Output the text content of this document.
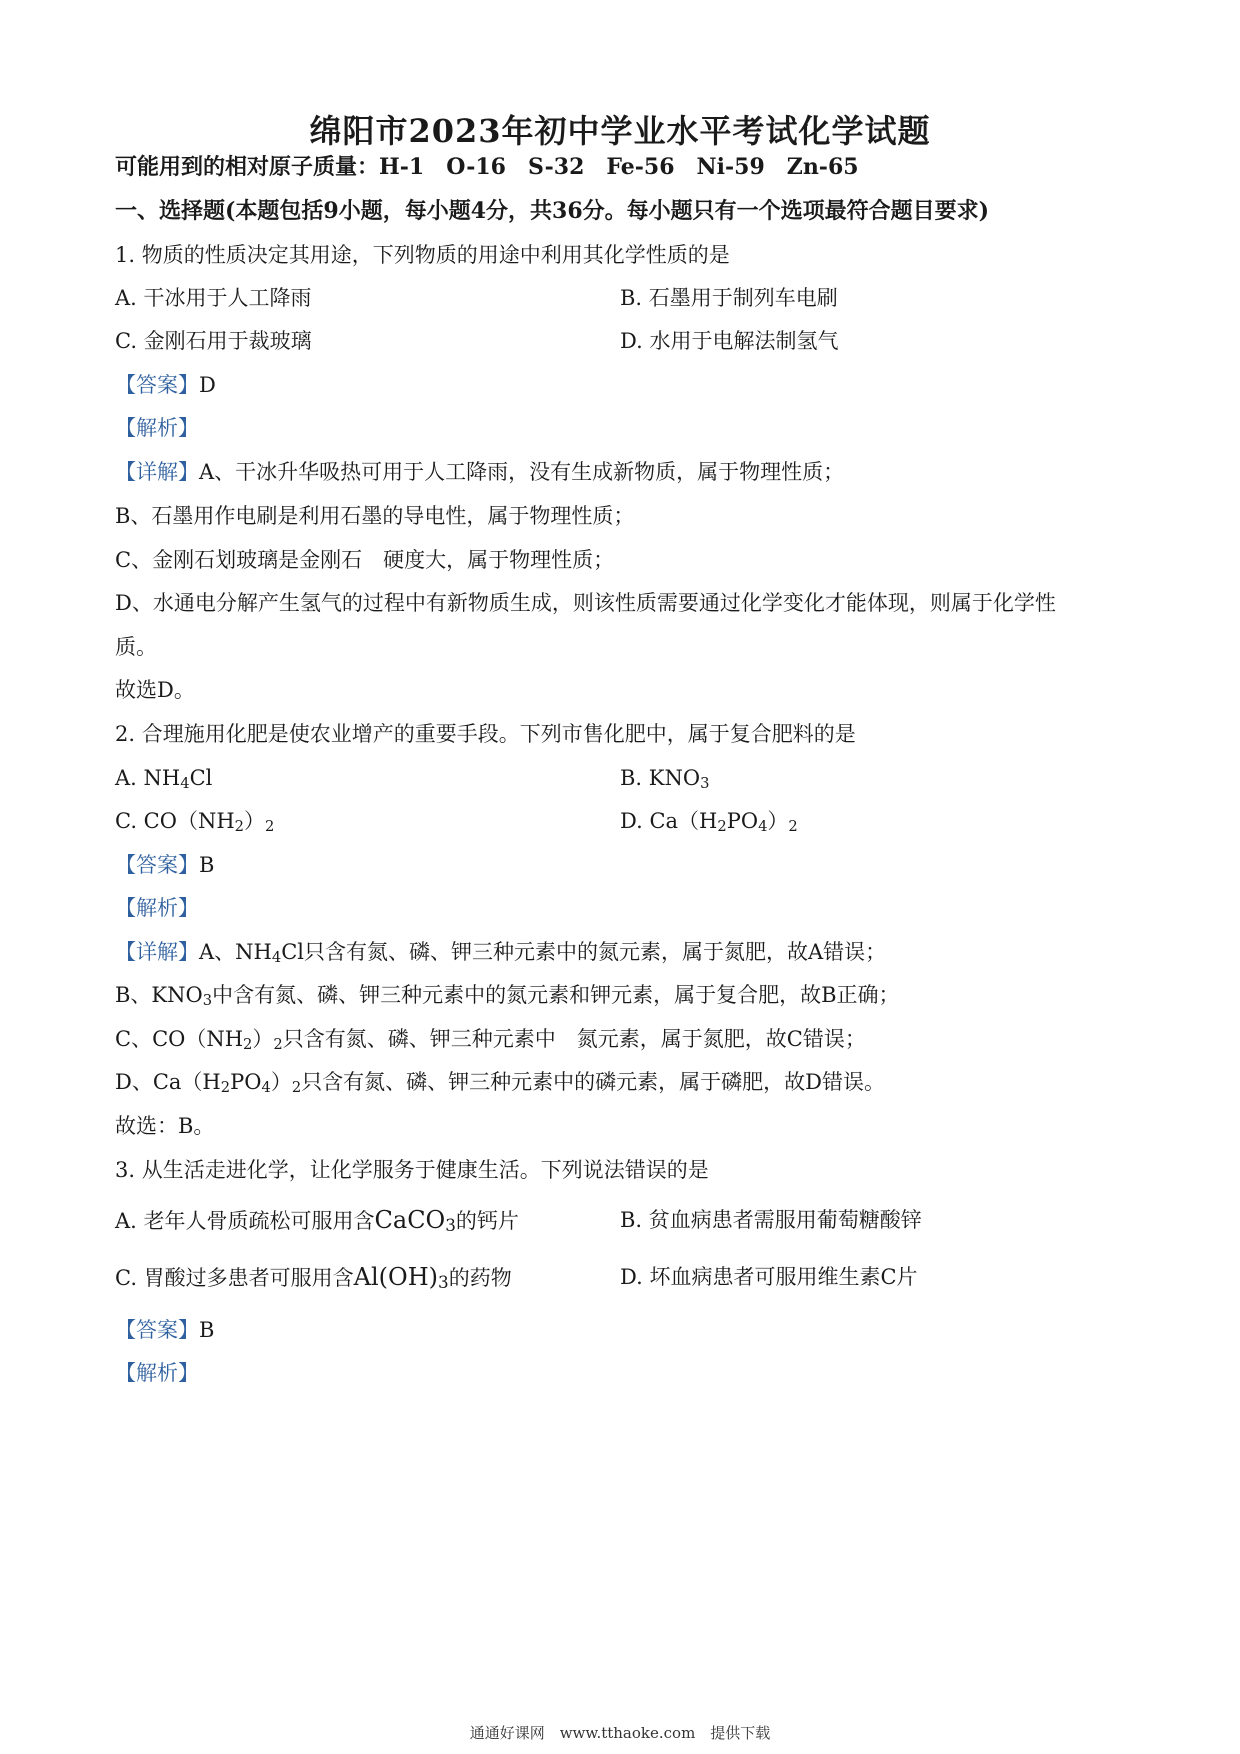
绵阳市2023年初中学业水平考试化学试题
可能用到的相对原子质量：H-1　O-16　S-32　Fe-56　Ni-59　Zn-65
一、选择题(本题包括9小题，每小题4分，共36分。每小题只有一个选项最符合题目要求)
1. 物质的性质决定其用途，下列物质的用途中利用其化学性质的是
A. 干冰用于人工降雨	B. 石墨用于制列车电刷
C. 金刚石用于裁玻璃	D. 水用于电解法制氢气
【答案】D
【解析】
【详解】A、干冰升华吸热可用于人工降雨，没有生成新物质，属于物理性质；
B、石墨用作电刷是利用石墨的导电性，属于物理性质；
C、金刚石划玻璃是金刚石　硬度大，属于物理性质；
D、水通电分解产生氢气的过程中有新物质生成，则该性质需要通过化学变化才能体现，则属于化学性
质。
故选D。
2. 合理施用化肥是使农业增产的重要手段。下列市售化肥中，属于复合肥料的是
A. $NH_4Cl$	B. $KNO_3$
C. $CO(NH_2)_2$	D. $Ca(H_2PO_4)_2$
【答案】B
【解析】
【详解】A、$NH_4Cl$只含有氮、磷、钾三种元素中的氮元素，属于氮肥，故A错误；
B、$KNO_3$中含有氮、磷、钾三种元素中的氮元素和钾元素，属于复合肥，故B正确；
C、$CO(NH_2)_2$只含有氮、磷、钾三种元素中　氮元素，属于氮肥，故C错误；
D、$Ca(H_2PO_4)_2$只含有氮、磷、钾三种元素中的磷元素，属于磷肥，故D错误。
故选：B。
3. 从生活走进化学，让化学服务于健康生活。下列说法错误的是
A. 老年人骨质疏松可服用含CaCO$_3$的钙片	B. 贫血病患者需服用葡萄糖酸锌
C. 胃酸过多患者可服用含$Al(OH)_3$的药物	D. 坏血病患者可服用维生素C片
【答案】B
【解析】
通通好课网　www.tthaoke.com　提供下载
